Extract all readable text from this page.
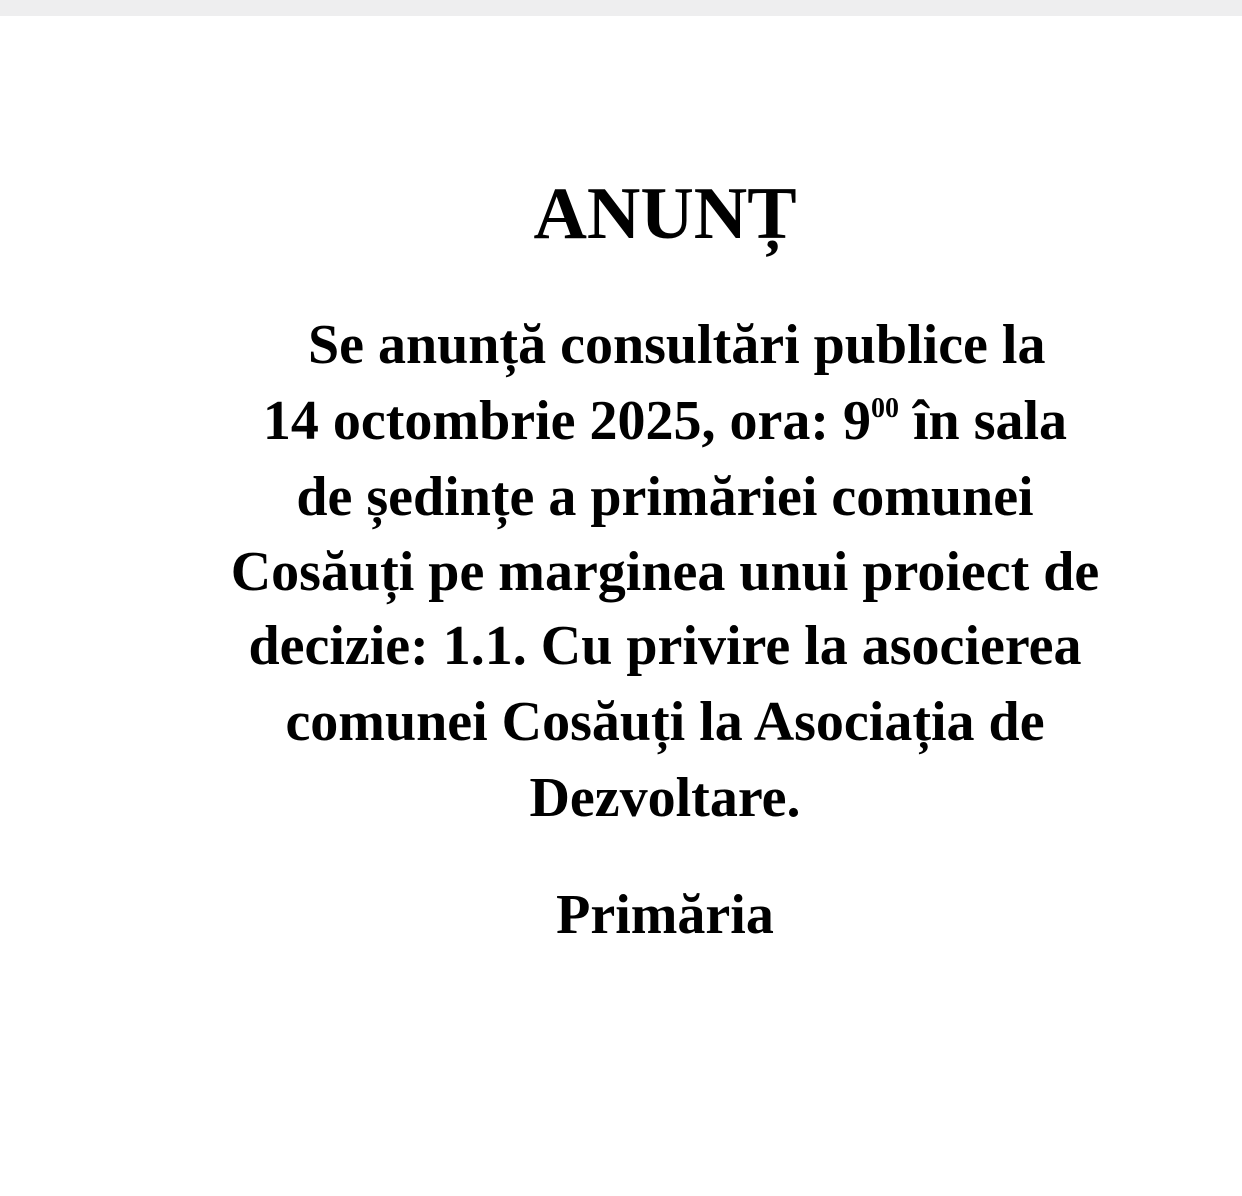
ANUNȚ

Se anunță consultări publice la

14 octombrie 2025, ora: $9^{00}$ în sala

de ședințe a primăriei comunei

Cosăuți pe marginea unui proiect de

decizie: 1.1. Cu privire la asocierea

comunei Cosăuți la Asociația de

Dezvoltare.

Primăria
